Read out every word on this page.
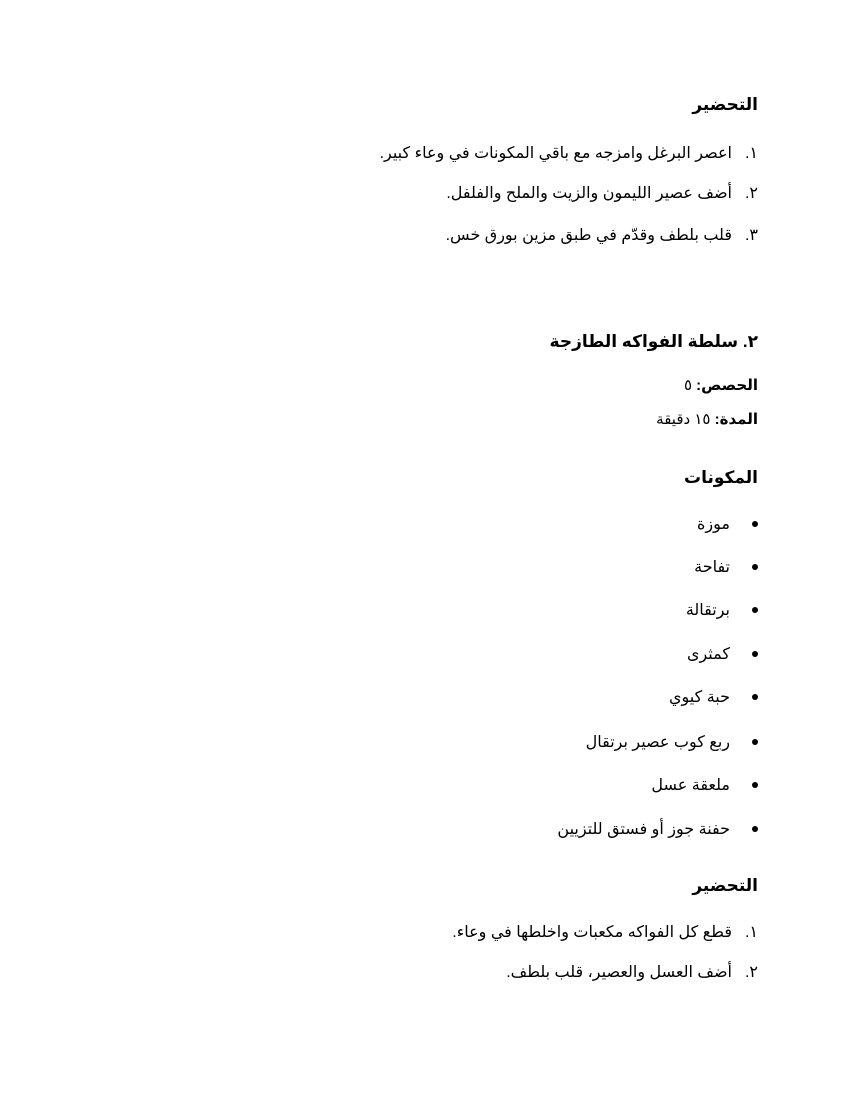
التحضير
١.
اعصر البرغل وامزجه مع باقي المكونات في وعاء كبير.
٢.
أضف عصير الليمون والزيت والملح والفلفل.
٣.
قلب بلطف وقدّم في طبق مزين بورق خس.
٢. سلطة الفواكه الطازجة
الحصص: ٥
المدة: ١٥ دقيقة
المكونات
موزة
تفاحة
برتقالة
كمثرى
حبة كيوي
ربع كوب عصير برتقال
ملعقة عسل
حفنة جوز أو فستق للتزيين
التحضير
١.
قطع كل الفواكه مكعبات واخلطها في وعاء.
٢.
أضف العسل والعصير، قلب بلطف.
